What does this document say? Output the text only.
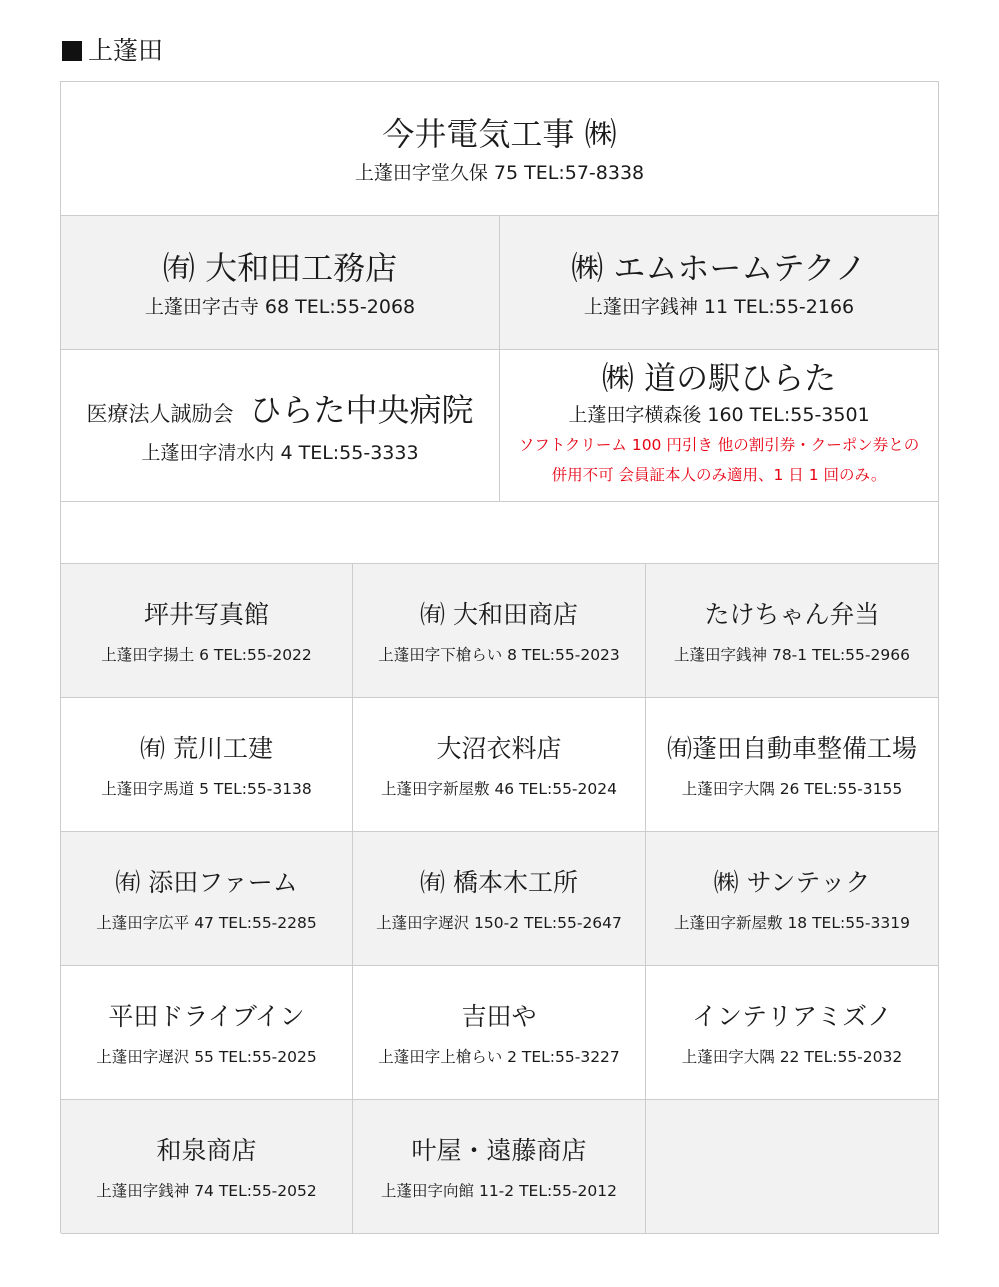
上蓬田
今井電気工事 ㈱
上蓬田字堂久保 75 TEL:57-8338
㈲ 大和田工務店
上蓬田字古寺 68 TEL:55-2068
㈱ エムホームテクノ
上蓬田字銭神 11 TEL:55-2166
医療法人誠励会 ひらた中央病院
上蓬田字清水内 4 TEL:55-3333
㈱ 道の駅ひらた
上蓬田字横森後 160 TEL:55-3501
ソフトクリーム 100 円引き 他の割引券・クーポン券との
併用不可 会員証本人のみ適用、1 日 1 回のみ。
坪井写真館
上蓬田字揚土 6 TEL:55-2022
㈲ 大和田商店
上蓬田字下槍らい 8 TEL:55-2023
たけちゃん弁当
上蓬田字銭神 78-1 TEL:55-2966
㈲ 荒川工建
上蓬田字馬道 5 TEL:55-3138
大沼衣料店
上蓬田字新屋敷 46 TEL:55-2024
㈲蓬田自動車整備工場
上蓬田字大隅 26 TEL:55-3155
㈲ 添田ファーム
上蓬田字広平 47 TEL:55-2285
㈲ 橋本木工所
上蓬田字遅沢 150-2 TEL:55-2647
㈱ サンテック
上蓬田字新屋敷 18 TEL:55-3319
平田ドライブイン
上蓬田字遅沢 55 TEL:55-2025
吉田や
上蓬田字上槍らい 2 TEL:55-3227
インテリアミズノ
上蓬田字大隅 22 TEL:55-2032
和泉商店
上蓬田字銭神 74 TEL:55-2052
叶屋・遠藤商店
上蓬田字向館 11-2 TEL:55-2012
